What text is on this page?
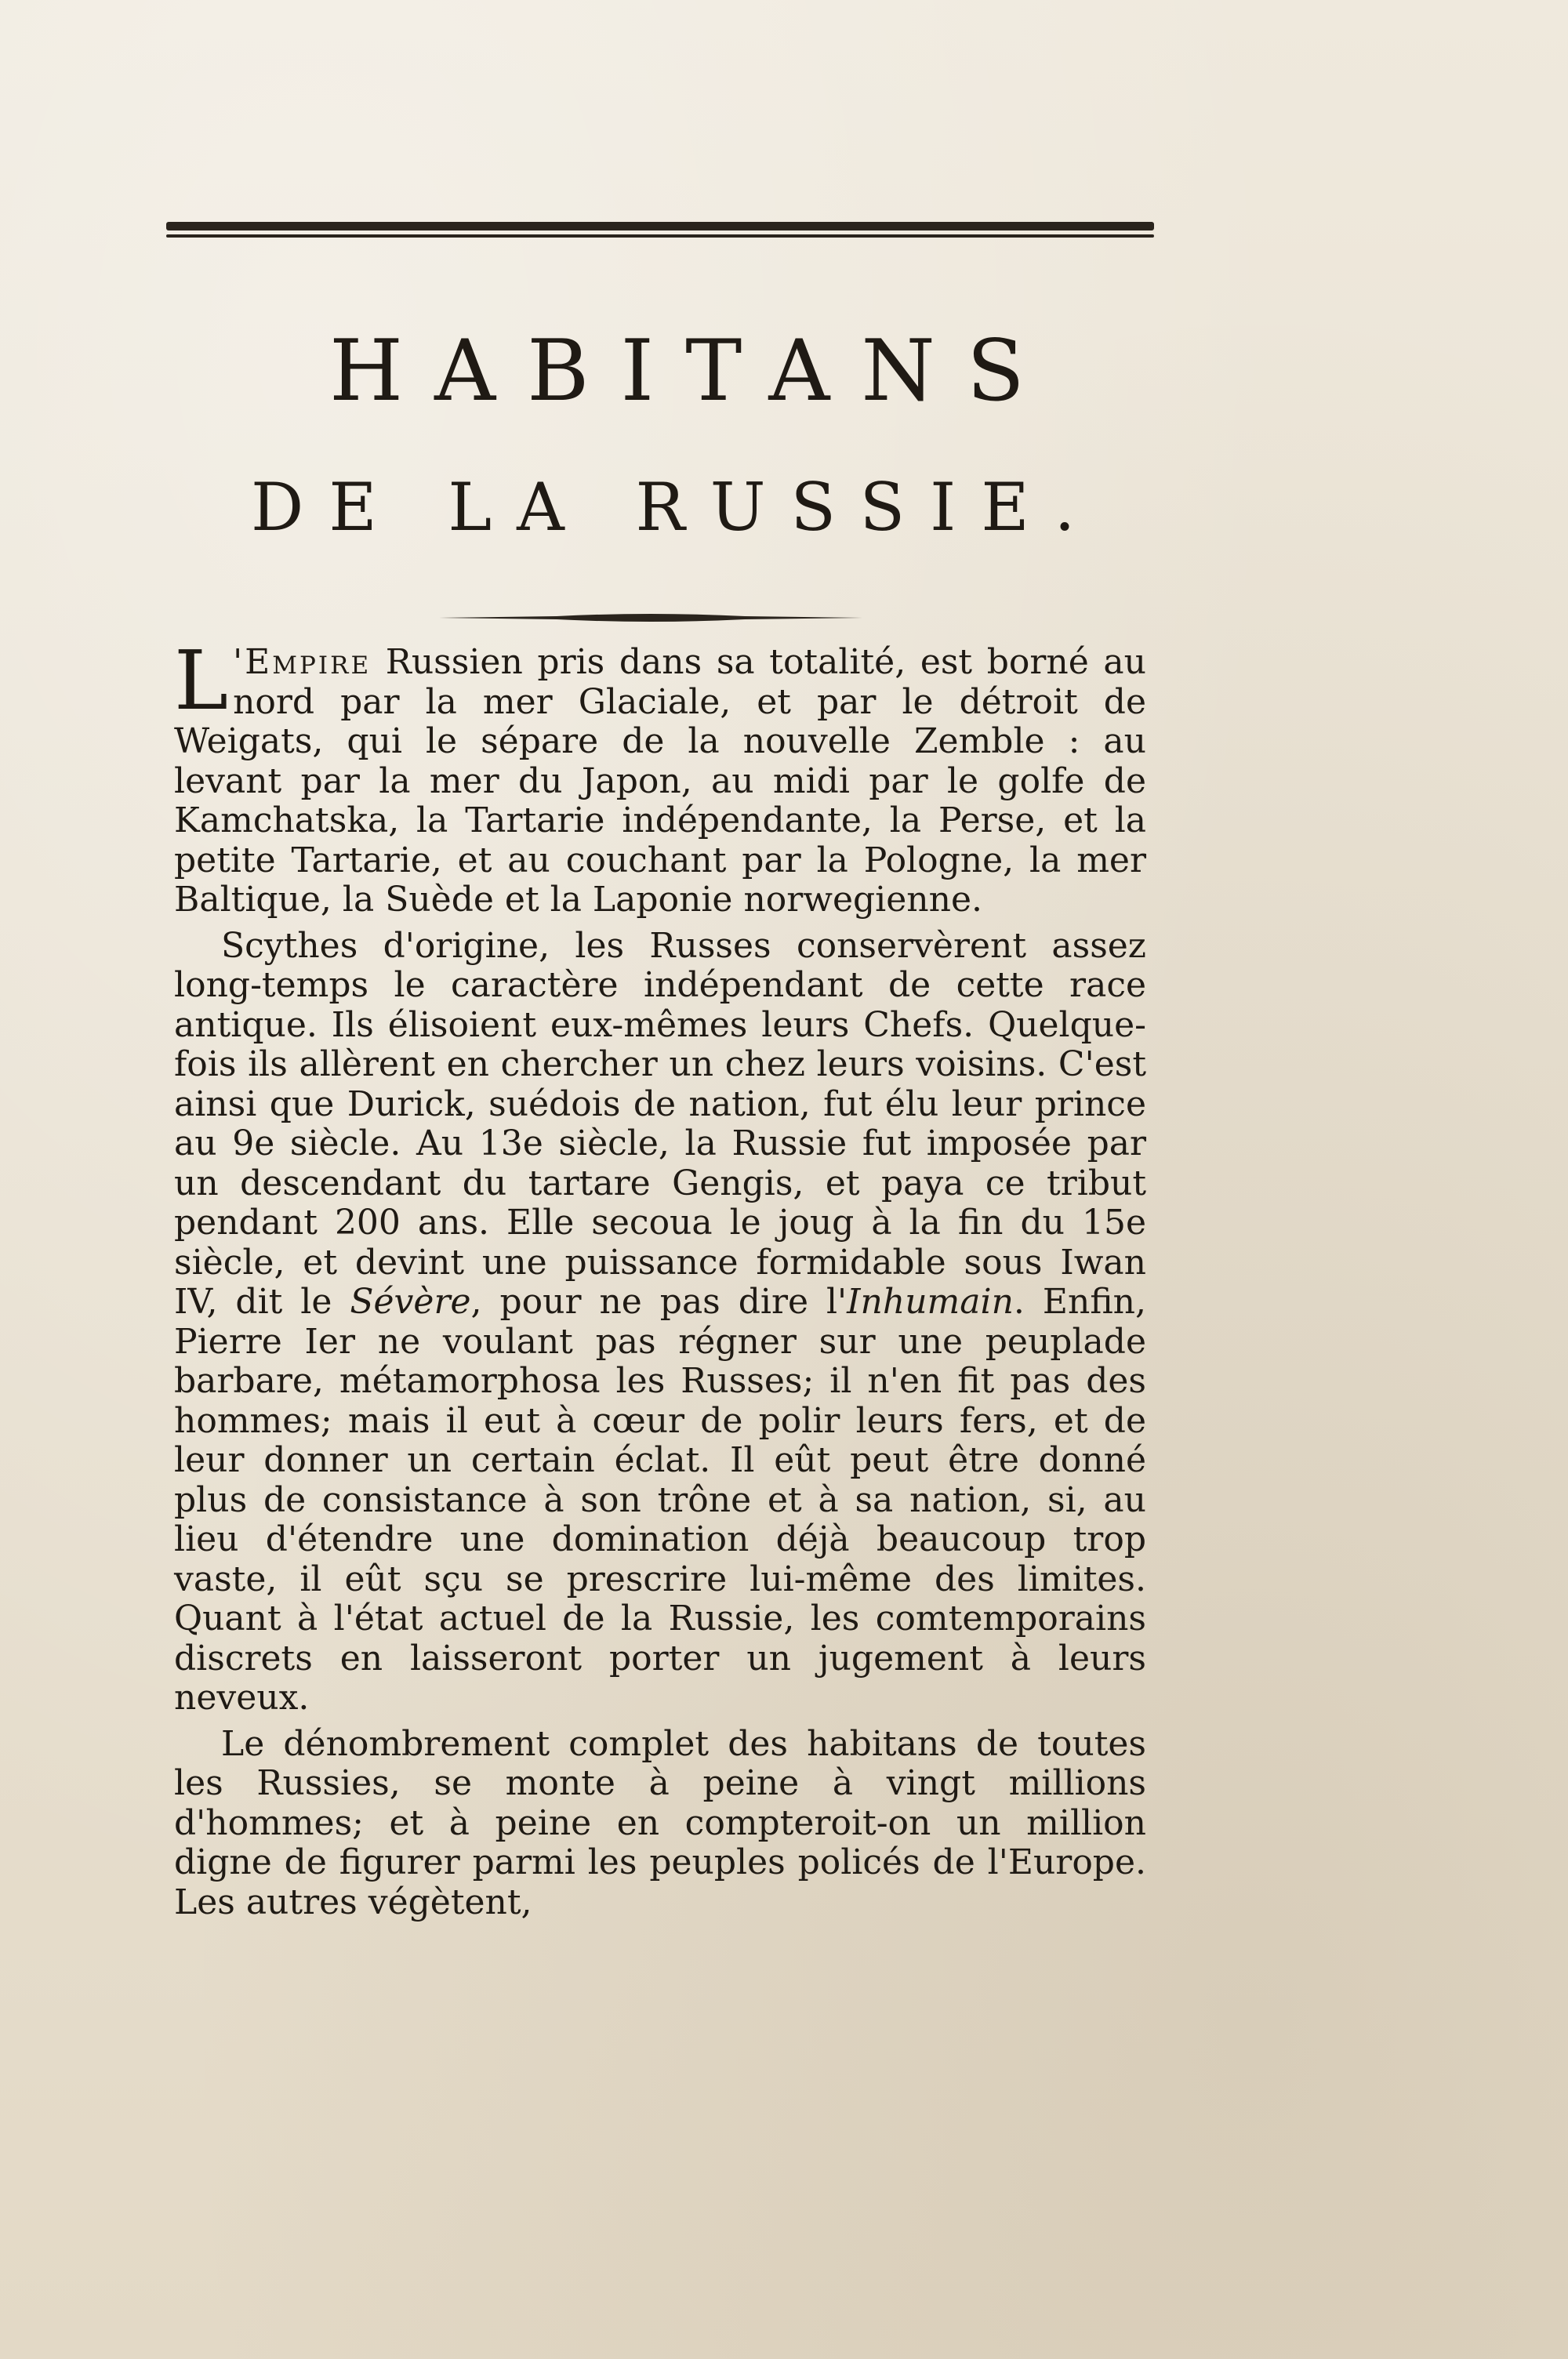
HABITANS
DE LA RUSSIE.

L 'Empire Russien pris dans sa totalité, est borné au nord par la mer Glaciale, et par le détroit de Weigats, qui le sépare de la nouvelle Zemble : au levant par la mer du Japon, au midi par le golfe de Kamchatska, la Tartarie indépendante, la Perse, et la petite Tartarie, et au couchant par la Pologne, la mer Baltique, la Suède et la Laponie norwegienne.

Scythes d'origine, les Russes conservèrent assez long-temps le caractère indépendant de cette race antique. Ils élisoient eux-mêmes leurs Chefs. Quelque-fois ils allèrent en chercher un chez leurs voisins. C'est ainsi que Durick, suédois de nation, fut élu leur prince au 9e siècle. Au 13e siècle, la Russie fut imposée par un descendant du tartare Gengis, et paya ce tribut pendant 200 ans. Elle secoua le joug à la fin du 15e siècle, et devint une puissance formidable sous Iwan IV, dit le Sévère, pour ne pas dire l'Inhumain. Enfin, Pierre Ier ne voulant pas régner sur une peuplade barbare, métamorphosa les Russes; il n'en fit pas des hommes; mais il eut à cœur de polir leurs fers, et de leur donner un certain éclat. Il eût peut être donné plus de consistance à son trône et à sa nation, si, au lieu d'étendre une domination déjà beaucoup trop vaste, il eût sçu se prescrire lui-même des limites. Quant à l'état actuel de la Russie, les comtemporains discrets en laisseront porter un jugement à leurs neveux.

Le dénombrement complet des habitans de toutes les Russies, se monte à peine à vingt millions d'hommes; et à peine en compteroit-on un million digne de figurer parmi les peuples policés de l'Europe. Les autres végètent,
